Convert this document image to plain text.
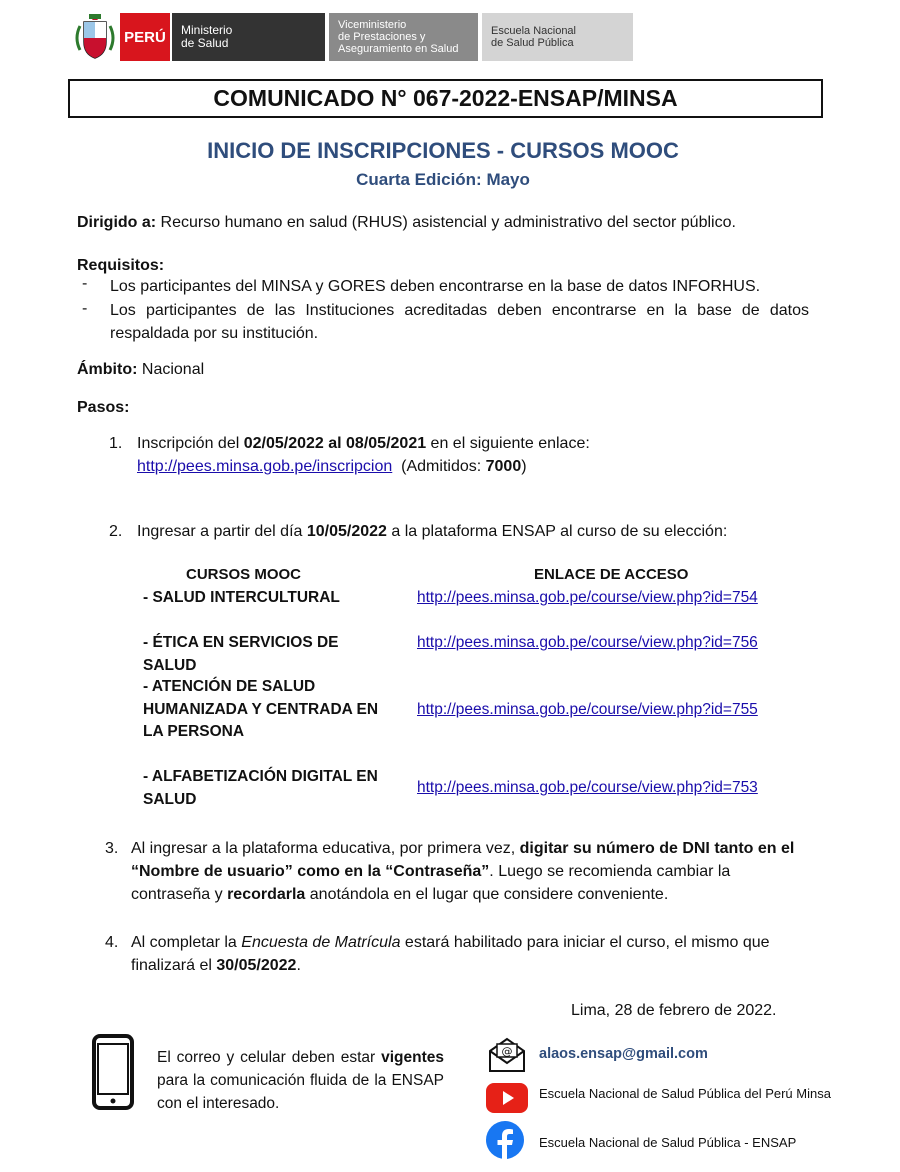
PERÚ Ministerio
de Salud
Viceministerio
de Prestaciones y
Aseguramiento en Salud
Escuela Nacional
de Salud Pública
COMUNICADO N° 067-2022-ENSAP/MINSA
INICIO DE INSCRIPCIONES - CURSOS MOOC
Cuarta Edición: Mayo
Dirigido a: Recurso humano en salud (RHUS) asistencial y administrativo del sector público.
Requisitos:
- Los participantes del MINSA y GORES deben encontrarse en la base de datos INFORHUS.
- Los participantes de las Instituciones acreditadas deben encontrarse en la base de datos respaldada por su institución.
Ámbito: Nacional
Pasos:
1. Inscripción del 02/05/2022 al 08/05/2021 en el siguiente enlace:
http://pees.minsa.gob.pe/inscripcion  (Admitidos: 7000)
2. Ingresar a partir del día 10/05/2022 a la plataforma ENSAP al curso de su elección:
CURSOS MOOC	ENLACE DE ACCESO
- SALUD INTERCULTURAL	http://pees.minsa.gob.pe/course/view.php?id=754
- ÉTICA EN SERVICIOS DE SALUD
http://pees.minsa.gob.pe/course/view.php?id=756
- ATENCIÓN DE SALUD HUMANIZADA Y CENTRADA EN LA PERSONA
http://pees.minsa.gob.pe/course/view.php?id=755
- ALFABETIZACIÓN DIGITAL EN SALUD
http://pees.minsa.gob.pe/course/view.php?id=753
3. Al ingresar a la plataforma educativa, por primera vez, digitar su número de DNI tanto en el “Nombre de usuario” como en la “Contraseña”. Luego se recomienda cambiar la contraseña y recordarla anotándola en el lugar que considere conveniente.
4. Al completar la Encuesta de Matrícula estará habilitado para iniciar el curso, el mismo que finalizará el 30/05/2022.
Lima, 28 de febrero de 2022.
El correo y celular deben estar vigentes para la comunicación fluida de la ENSAP con el interesado.
@ alaos.ensap@gmail.com
Escuela Nacional de Salud Pública del Perú Minsa
Escuela Nacional de Salud Pública - ENSAP
